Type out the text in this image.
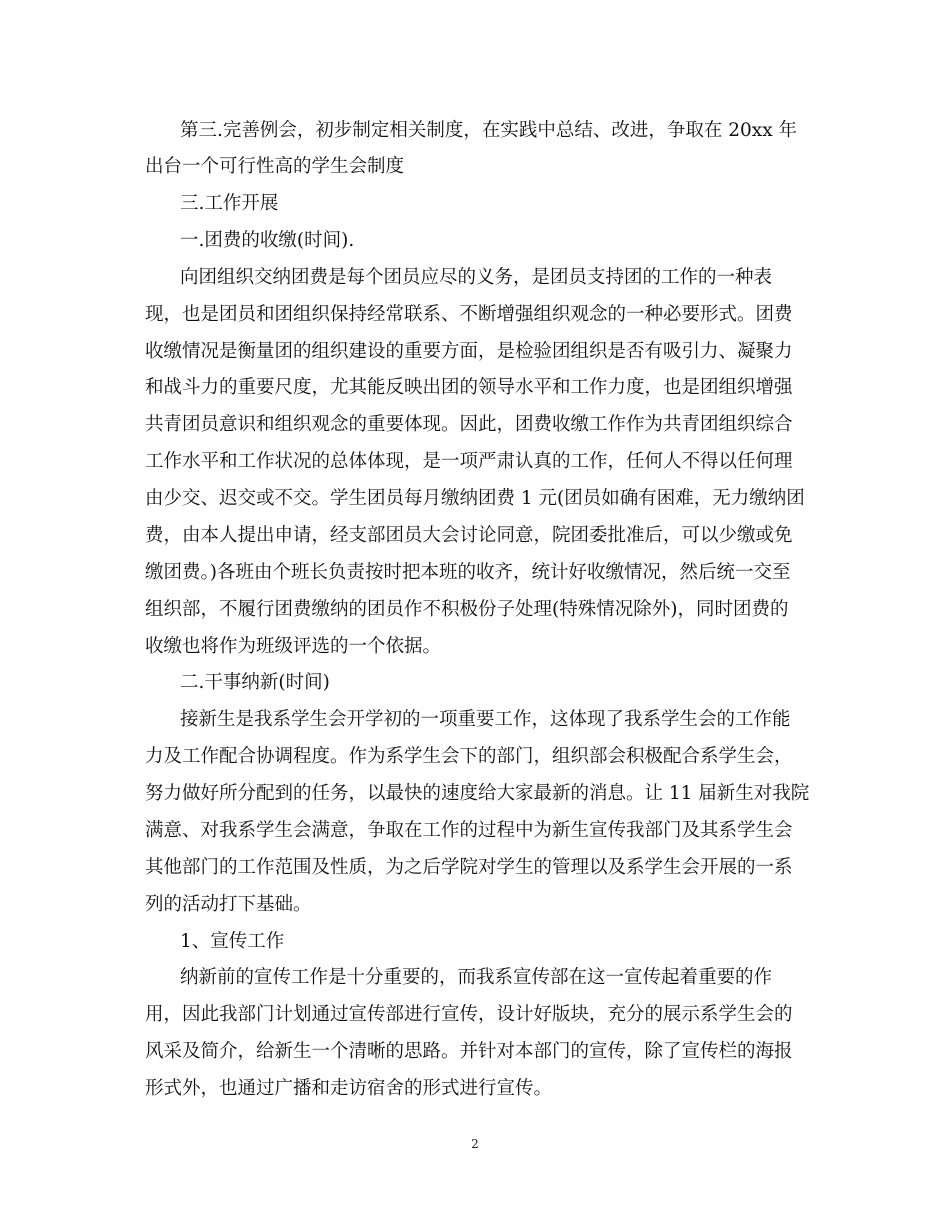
第三.完善例会，初步制定相关制度，在实践中总结、改进，争取在 20xx 年
出台一个可行性高的学生会制度
三.工作开展
一.团费的收缴(时间).
向团组织交纳团费是每个团员应尽的义务，是团员支持团的工作的一种表
现，也是团员和团组织保持经常联系、不断增强组织观念的一种必要形式。团费
收缴情况是衡量团的组织建设的重要方面，是检验团组织是否有吸引力、凝聚力
和战斗力的重要尺度，尤其能反映出团的领导水平和工作力度，也是团组织增强
共青团员意识和组织观念的重要体现。因此，团费收缴工作作为共青团组织综合
工作水平和工作状况的总体体现，是一项严肃认真的工作，任何人不得以任何理
由少交、迟交或不交。学生团员每月缴纳团费 1 元(团员如确有困难，无力缴纳团
费，由本人提出申请，经支部团员大会讨论同意，院团委批准后，可以少缴或免
缴团费。)各班由个班长负责按时把本班的收齐，统计好收缴情况，然后统一交至
组织部，不履行团费缴纳的团员作不积极份子处理(特殊情况除外)，同时团费的
收缴也将作为班级评选的一个依据。
二.干事纳新(时间)
接新生是我系学生会开学初的一项重要工作，这体现了我系学生会的工作能
力及工作配合协调程度。作为系学生会下的部门，组织部会积极配合系学生会，
努力做好所分配到的任务，以最快的速度给大家最新的消息。让 11 届新生对我院
满意、对我系学生会满意，争取在工作的过程中为新生宣传我部门及其系学生会
其他部门的工作范围及性质，为之后学院对学生的管理以及系学生会开展的一系
列的活动打下基础。
1、宣传工作
纳新前的宣传工作是十分重要的，而我系宣传部在这一宣传起着重要的作
用，因此我部门计划通过宣传部进行宣传，设计好版块，充分的展示系学生会的
风采及简介，给新生一个清晰的思路。并针对本部门的宣传，除了宣传栏的海报
形式外，也通过广播和走访宿舍的形式进行宣传。
2
